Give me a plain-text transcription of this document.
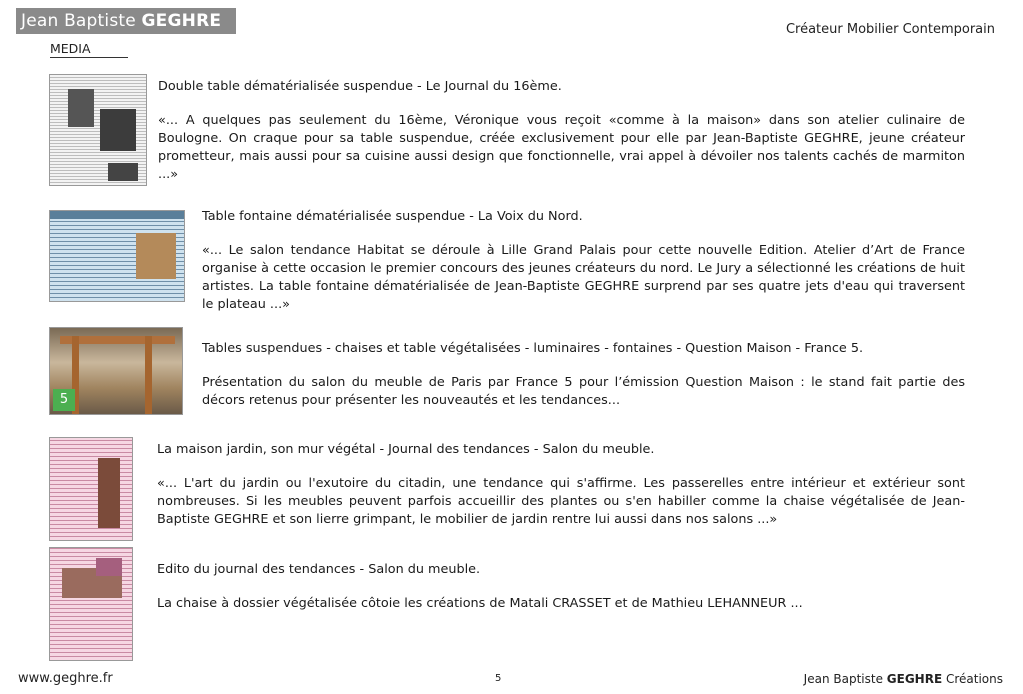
Jean Baptiste GEGHRE	Créateur Mobilier Contemporain
MEDIA

Double table dématérialisée suspendue - Le Journal du 16ème.

«... A quelques pas seulement du 16ème, Véronique vous reçoit «comme à la maison» dans son atelier culinaire de Boulogne. On craque pour sa table suspendue, créée exclusivement pour elle par Jean-Baptiste GEGHRE, jeune créateur prometteur, mais aussi pour sa cuisine aussi design que fonctionnelle, vrai appel à dévoiler nos talents cachés de marmiton ...»

Table fontaine dématérialisée suspendue - La Voix du Nord.

«... Le salon tendance Habitat se déroule à Lille Grand Palais pour cette nouvelle Edition. Atelier d’Art de France organise à cette occasion le premier concours des jeunes créateurs du nord. Le Jury a sélectionné les créations de huit artistes. La table fontaine dématérialisée de Jean-Baptiste GEGHRE surprend par ses quatre jets d'eau qui traversent le plateau ...»

5

Tables suspendues - chaises et table végétalisées - luminaires - fontaines - Question Maison - France 5.

Présentation du salon du meuble de Paris par France 5 pour l’émission Question Maison : le stand fait partie des décors retenus pour présenter les nouveautés et les tendances...

La maison jardin, son mur végétal - Journal des tendances - Salon du meuble.

«... L'art du jardin ou l'exutoire du citadin, une tendance qui s'affirme. Les passerelles entre intérieur et extérieur sont nombreuses. Si les meubles peuvent parfois accueillir des plantes ou s'en habiller comme la chaise végétalisée de Jean-Baptiste GEGHRE et son lierre grimpant, le mobilier de jardin rentre lui aussi dans nos salons ...»

Edito du journal des tendances - Salon du meuble.

La chaise à dossier végétalisée côtoie les créations de Matali CRASSET et de Mathieu LEHANNEUR ...

www.geghre.fr	5	Jean Baptiste GEGHRE Créations
